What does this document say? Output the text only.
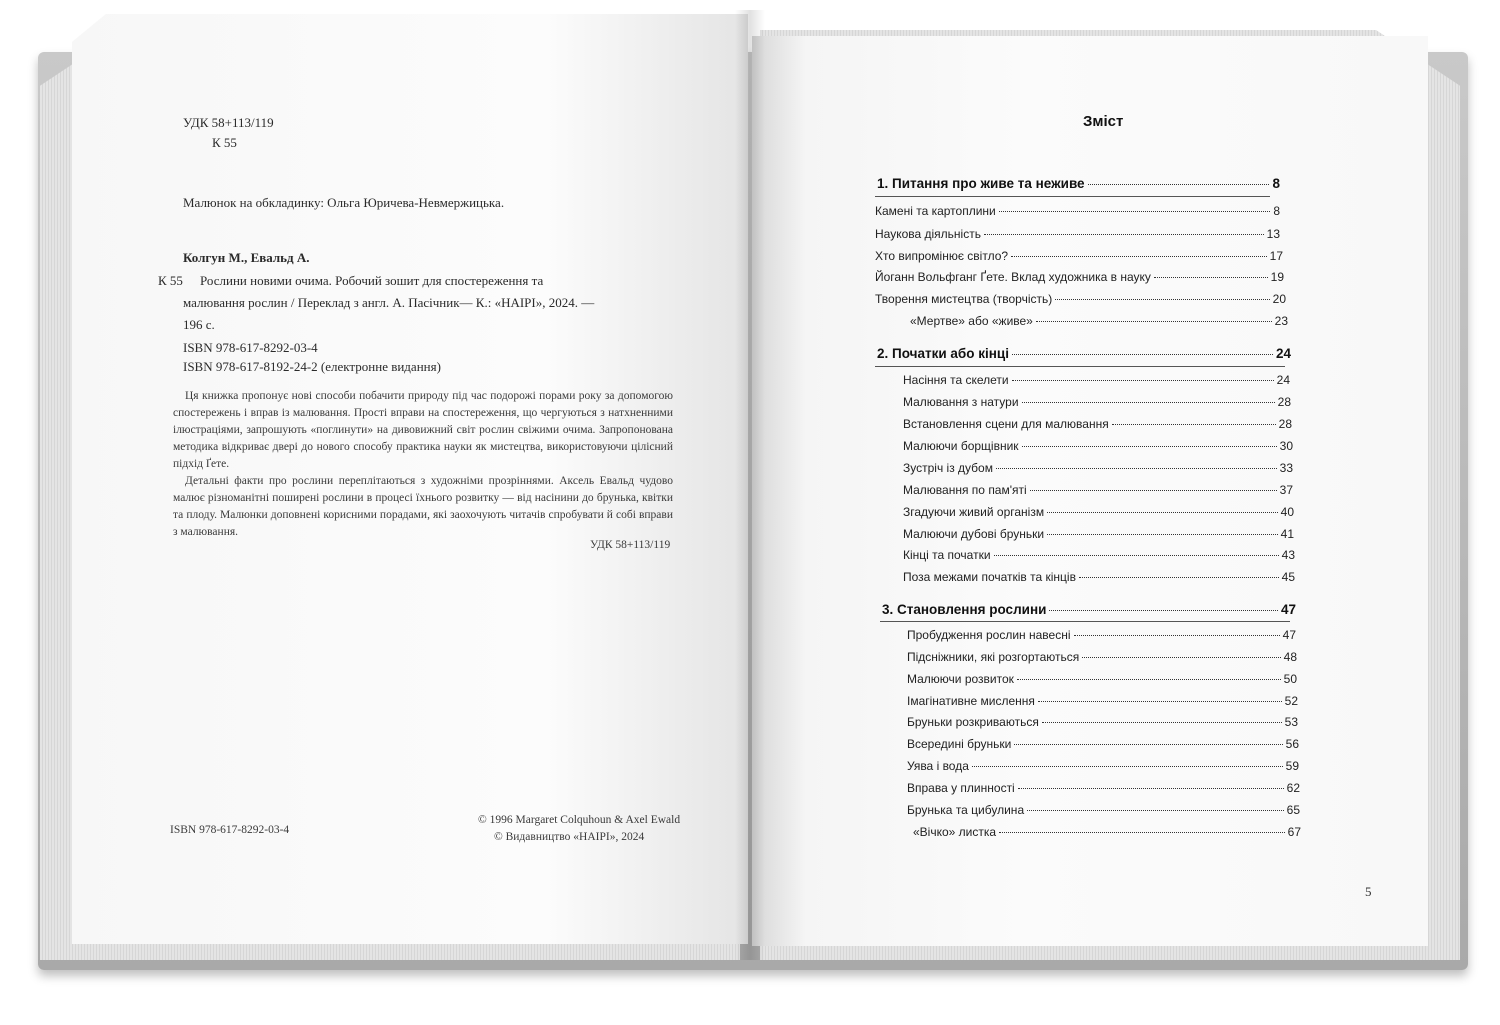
УДК 58+113/119
К 55
Малюнок на обкладинку: Ольга Юричева-Невмержицька.
Колгун М., Евальд А.
К 55 Рослини новими очима. Робочий зошит для спостереження та
малювання рослин / Переклад з англ. А. Пасічник— К.: «НАІРІ», 2024. —
196 с.
ISBN 978-617-8292-03-4
ISBN 978-617-8192-24-2 (електронне видання)
Ця книжка пропонує нові способи побачити природу під час подорожі порами року за допомогою спостережень і вправ із малювання. Прості вправи на спостереження, що чергуються з натхненними ілюстраціями, запрошують «поглинути» на дивовижний світ рослин свіжими очима. Запропонована методика відкриває двері до нового способу практика науки як мистецтва, використовуючи цілісний підхід Ґете.
Детальні факти про рослини переплітаються з художніми прозріннями. Аксель Евальд чудово малює різноманітні поширені рослини в процесі їхнього розвитку — від насінини до брунька, квітки та плоду. Малюнки доповнені корисними порадами, які заохочують читачів спробувати й собі вправи з малювання.
УДК 58+113/119
ISBN 978-617-8292-03-4
© 1996 Margaret Colquhoun & Axel Ewald
© Видавництво «НАІРІ», 2024
Зміст
1. Питання про живе та неживе	8
Камені та картоплини	8
Наукова діяльність	13
Хто випромінює світло?	17
Йоганн Вольфганг Ґете. Вклад художника в науку	19
Творення мистецтва (творчість)	20
«Мертве» або «живе»	23
2. Початки або кінці	24
Насіння та скелети	24
Малювання з натури	28
Встановлення сцени для малювання	28
Малюючи борщівник	30
Зустріч із дубом	33
Малювання по пам'яті	37
Згадуючи живий організм	40
Малюючи дубові бруньки	41
Кінці та початки	43
Поза межами початків та кінців	45
3. Становлення рослини	47
Пробудження рослин навесні	47
Підсніжники, які розгортаються	48
Малюючи розвиток	50
Імагінативне мислення	52
Бруньки розкриваються	53
Всередині бруньки	56
Уява і вода	59
Вправа у плинності	62
Брунька та цибулина	65
«Вічко» листка	67
5
